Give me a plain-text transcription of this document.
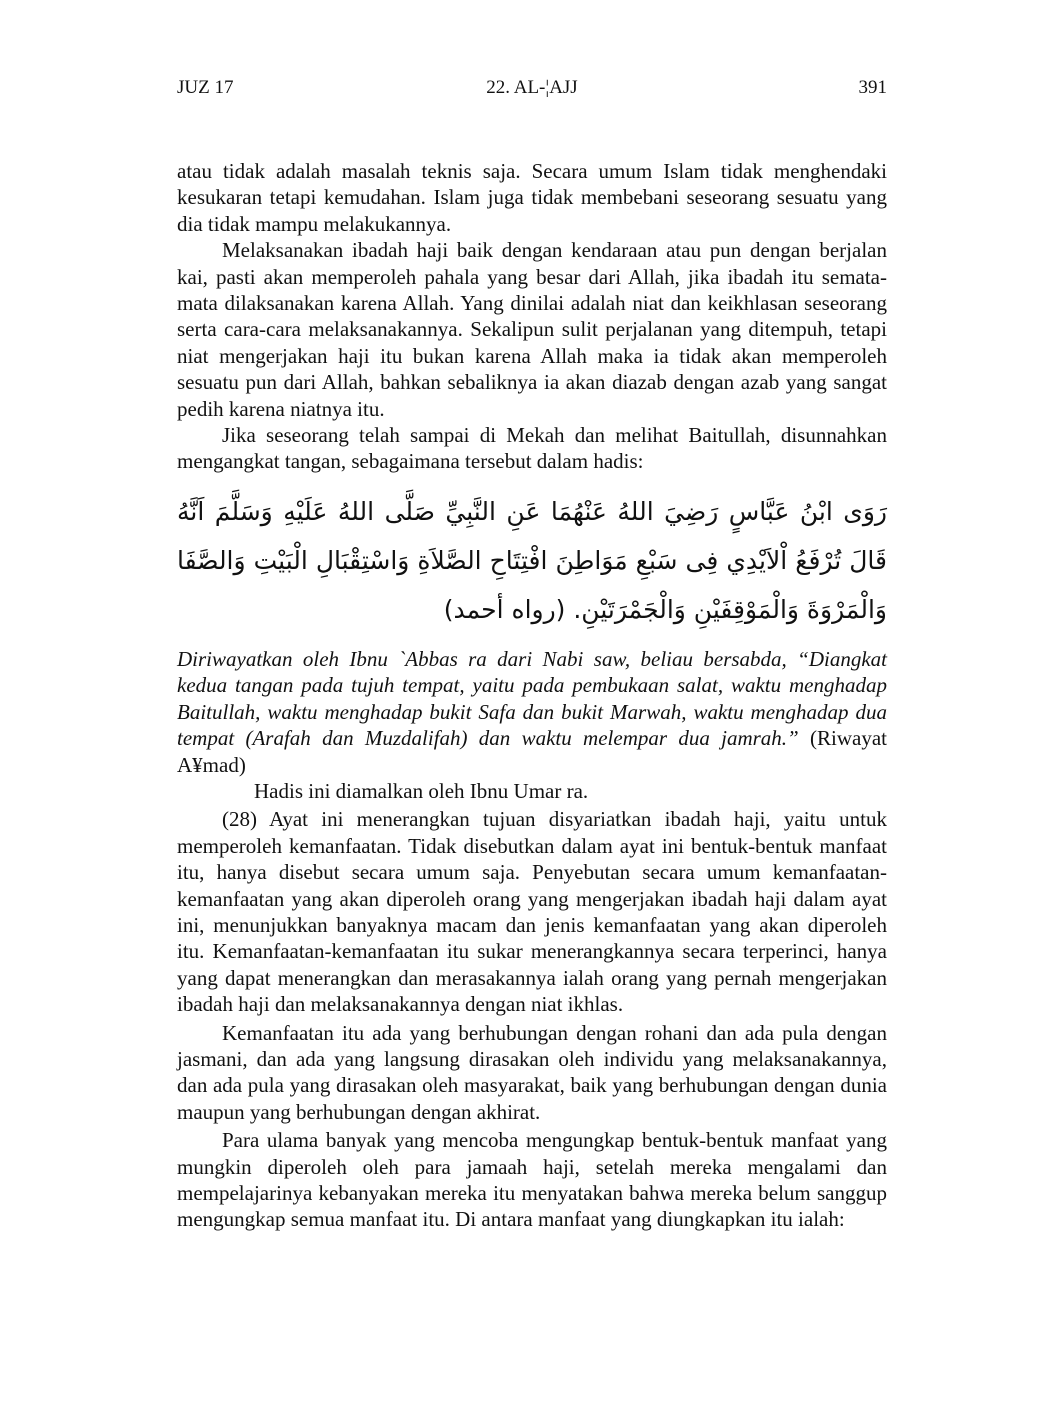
JUZ 17	22. AL-¦AJJ	391

atau tidak adalah masalah teknis saja. Secara umum Islam tidak menghendaki kesukaran tetapi kemudahan. Islam juga tidak membebani seseorang sesuatu yang dia tidak mampu melakukannya.

Melaksanakan ibadah haji baik dengan kendaraan atau pun dengan berjalan kai, pasti akan memperoleh pahala yang besar dari Allah, jika ibadah itu semata-mata dilaksanakan karena Allah. Yang dinilai adalah niat dan keikhlasan seseorang serta cara-cara melaksanakannya. Sekalipun sulit perjalanan yang ditempuh, tetapi niat mengerjakan haji itu bukan karena Allah maka ia tidak akan memperoleh sesuatu pun dari Allah, bahkan sebaliknya ia akan diazab dengan azab yang sangat pedih karena niatnya itu.

Jika seseorang telah sampai di Mekah dan melihat Baitullah, disunnahkan mengangkat tangan, sebagaimana tersebut dalam hadis:

رَوَى ابْنُ عَبَّاسٍ رَضِيَ اللهُ عَنْهُمَا عَنِ النَّبِيِّ صَلَّى اللهُ عَلَيْهِ وَسَلَّمَ اَنَّهُ قَالَ تُرْفَعُ اْلاَيْدِي فِى سَبْعِ مَوَاطِنَ افْتِتَاحِ الصَّلاَةِ وَاسْتِقْبَالِ الْبَيْتِ وَالصَّفَا وَالْمَرْوَةَ وَالْمَوْقِفَيْنِ وَالْجَمْرَتَيْنِ. (رواه أحمد)

Diriwayatkan oleh Ibnu `Abbas ra dari Nabi saw, beliau bersabda, “Diangkat kedua tangan pada tujuh tempat, yaitu pada pembukaan salat, waktu menghadap Baitullah, waktu menghadap bukit Safa dan bukit Marwah, waktu menghadap dua tempat (Arafah dan Muzdalifah) dan waktu melempar dua jamrah.” (Riwayat A¥mad)

Hadis ini diamalkan oleh Ibnu Umar ra.

(28) Ayat ini menerangkan tujuan disyariatkan ibadah haji, yaitu untuk memperoleh kemanfaatan. Tidak disebutkan dalam ayat ini bentuk-bentuk manfaat itu, hanya disebut secara umum saja. Penyebutan secara umum kemanfaatan-kemanfaatan yang akan diperoleh orang yang mengerjakan ibadah haji dalam ayat ini, menunjukkan banyaknya macam dan jenis kemanfaatan yang akan diperoleh itu. Kemanfaatan-kemanfaatan itu sukar menerangkannya secara terperinci, hanya yang dapat menerangkan dan merasakannya ialah orang yang pernah mengerjakan ibadah haji dan melaksanakannya dengan niat ikhlas.

Kemanfaatan itu ada yang berhubungan dengan rohani dan ada pula dengan jasmani, dan ada yang langsung dirasakan oleh individu yang melaksanakannya, dan ada pula yang dirasakan oleh masyarakat, baik yang berhubungan dengan dunia maupun yang berhubungan dengan akhirat.

Para ulama banyak yang mencoba mengungkap bentuk-bentuk manfaat yang mungkin diperoleh oleh para jamaah haji, setelah mereka mengalami dan mempelajarinya kebanyakan mereka itu menyatakan bahwa mereka belum sanggup mengungkap semua manfaat itu. Di antara manfaat yang diungkapkan itu ialah:
